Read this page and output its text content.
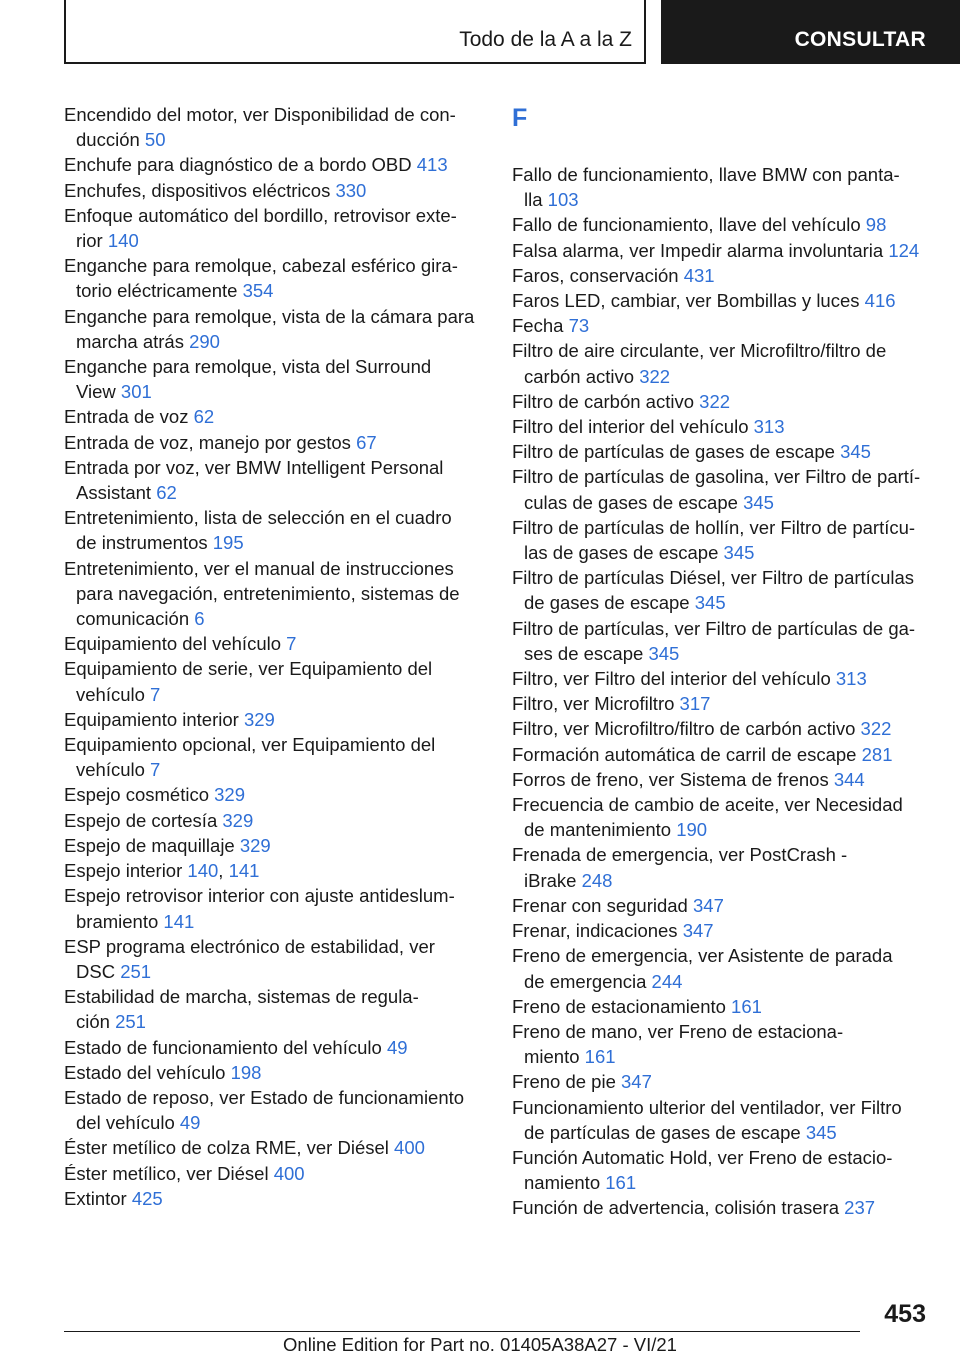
Todo de la A a la Z	CONSULTAR
Encendido del motor, ver Disponibilidad de con-
ducción 50
Enchufe para diagnóstico de a bordo OBD 413
Enchufes, dispositivos eléctricos 330
Enfoque automático del bordillo, retrovisor exte-
rior 140
Enganche para remolque, cabezal esférico gira-
torio eléctricamente 354
Enganche para remolque, vista de la cámara para
marcha atrás 290
Enganche para remolque, vista del Surround
View 301
Entrada de voz 62
Entrada de voz, manejo por gestos 67
Entrada por voz, ver BMW Intelligent Personal
Assistant 62
Entretenimiento, lista de selección en el cuadro
de instrumentos 195
Entretenimiento, ver el manual de instrucciones
para navegación, entretenimiento, sistemas de
comunicación 6
Equipamiento del vehículo 7
Equipamiento de serie, ver Equipamiento del
vehículo 7
Equipamiento interior 329
Equipamiento opcional, ver Equipamiento del
vehículo 7
Espejo cosmético 329
Espejo de cortesía 329
Espejo de maquillaje 329
Espejo interior 140, 141
Espejo retrovisor interior con ajuste antideslum-
bramiento 141
ESP programa electrónico de estabilidad, ver
DSC 251
Estabilidad de marcha, sistemas de regula-
ción 251
Estado de funcionamiento del vehículo 49
Estado del vehículo 198
Estado de reposo, ver Estado de funcionamiento
del vehículo 49
Éster metílico de colza RME, ver Diésel 400
Éster metílico, ver Diésel 400
Extintor 425
F
Fallo de funcionamiento, llave BMW con panta-
lla 103
Fallo de funcionamiento, llave del vehículo 98
Falsa alarma, ver Impedir alarma involuntaria 124
Faros, conservación 431
Faros LED, cambiar, ver Bombillas y luces 416
Fecha 73
Filtro de aire circulante, ver Microfiltro/filtro de
carbón activo 322
Filtro de carbón activo 322
Filtro del interior del vehículo 313
Filtro de partículas de gases de escape 345
Filtro de partículas de gasolina, ver Filtro de partí-
culas de gases de escape 345
Filtro de partículas de hollín, ver Filtro de partícu-
las de gases de escape 345
Filtro de partículas Diésel, ver Filtro de partículas
de gases de escape 345
Filtro de partículas, ver Filtro de partículas de ga-
ses de escape 345
Filtro, ver Filtro del interior del vehículo 313
Filtro, ver Microfiltro 317
Filtro, ver Microfiltro/filtro de carbón activo 322
Formación automática de carril de escape 281
Forros de freno, ver Sistema de frenos 344
Frecuencia de cambio de aceite, ver Necesidad
de mantenimiento 190
Frenada de emergencia, ver PostCrash -
iBrake 248
Frenar con seguridad 347
Frenar, indicaciones 347
Freno de emergencia, ver Asistente de parada
de emergencia 244
Freno de estacionamiento 161
Freno de mano, ver Freno de estaciona-
miento 161
Freno de pie 347
Funcionamiento ulterior del ventilador, ver Filtro
de partículas de gases de escape 345
Función Automatic Hold, ver Freno de estacio-
namiento 161
Función de advertencia, colisión trasera 237
453
Online Edition for Part no. 01405A38A27 - VI/21
